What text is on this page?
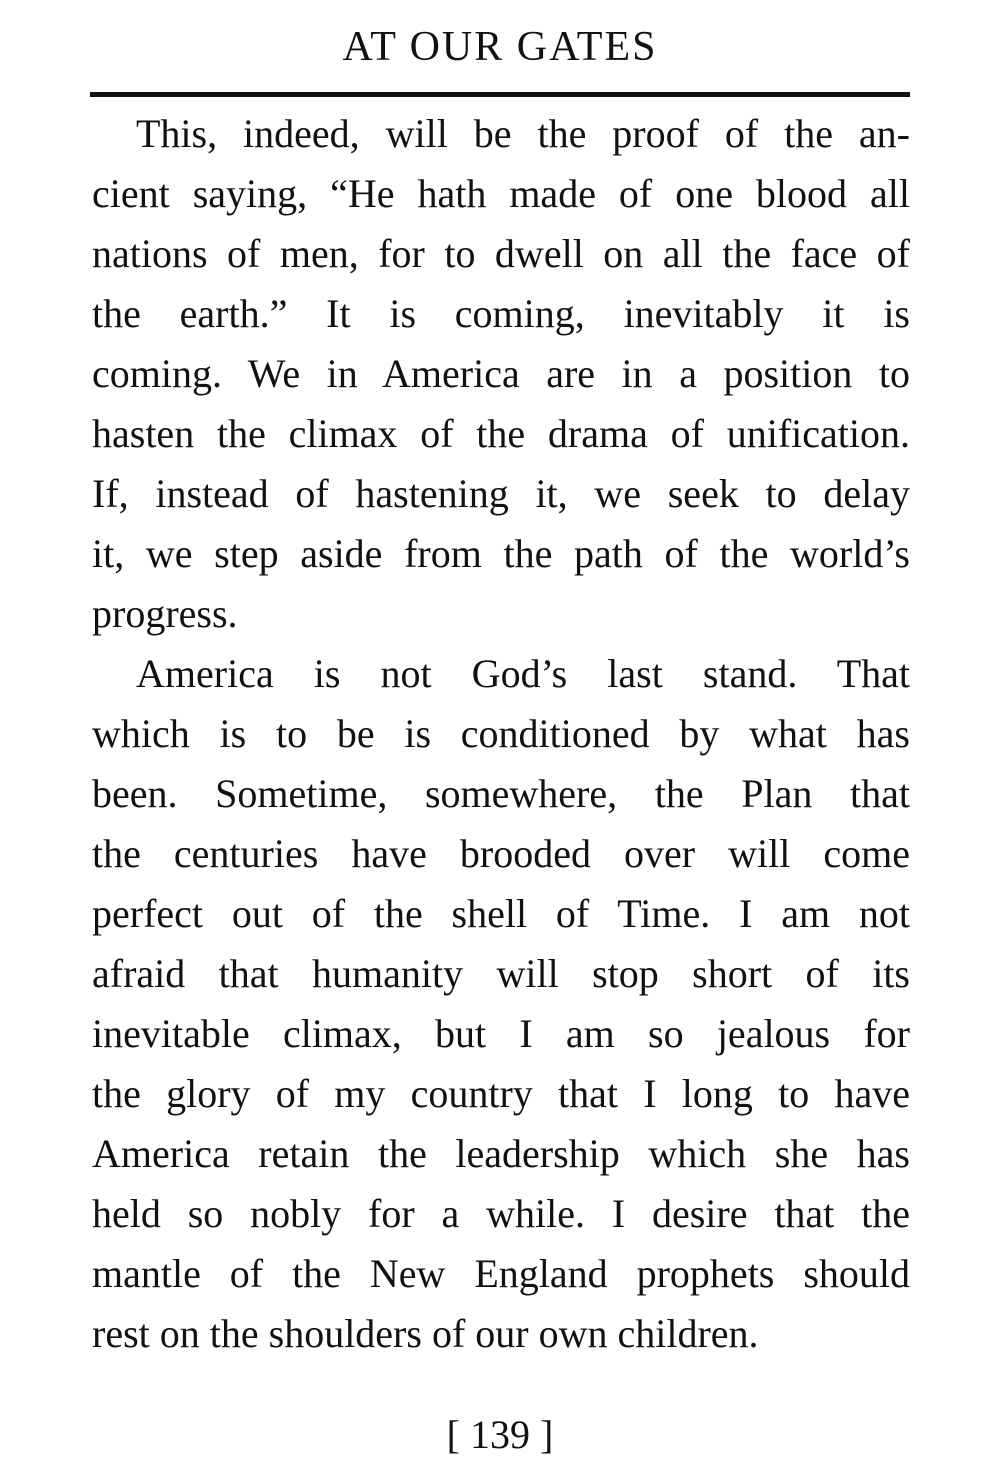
AT OUR GATES
This, indeed, will be the proof of the an-
cient saying, “He hath made of one blood all
nations of men, for to dwell on all the face of
the earth.” It is coming, inevitably it is
coming. We in America are in a position to
hasten the climax of the drama of unification.
If, instead of hastening it, we seek to delay
it, we step aside from the path of the world’s
progress.
America is not God’s last stand. That
which is to be is conditioned by what has
been. Sometime, somewhere, the Plan that
the centuries have brooded over will come
perfect out of the shell of Time. I am not
afraid that humanity will stop short of its
inevitable climax, but I am so jealous for
the glory of my country that I long to have
America retain the leadership which she has
held so nobly for a while. I desire that the
mantle of the New England prophets should
rest on the shoulders of our own children.
[ 139 ]
